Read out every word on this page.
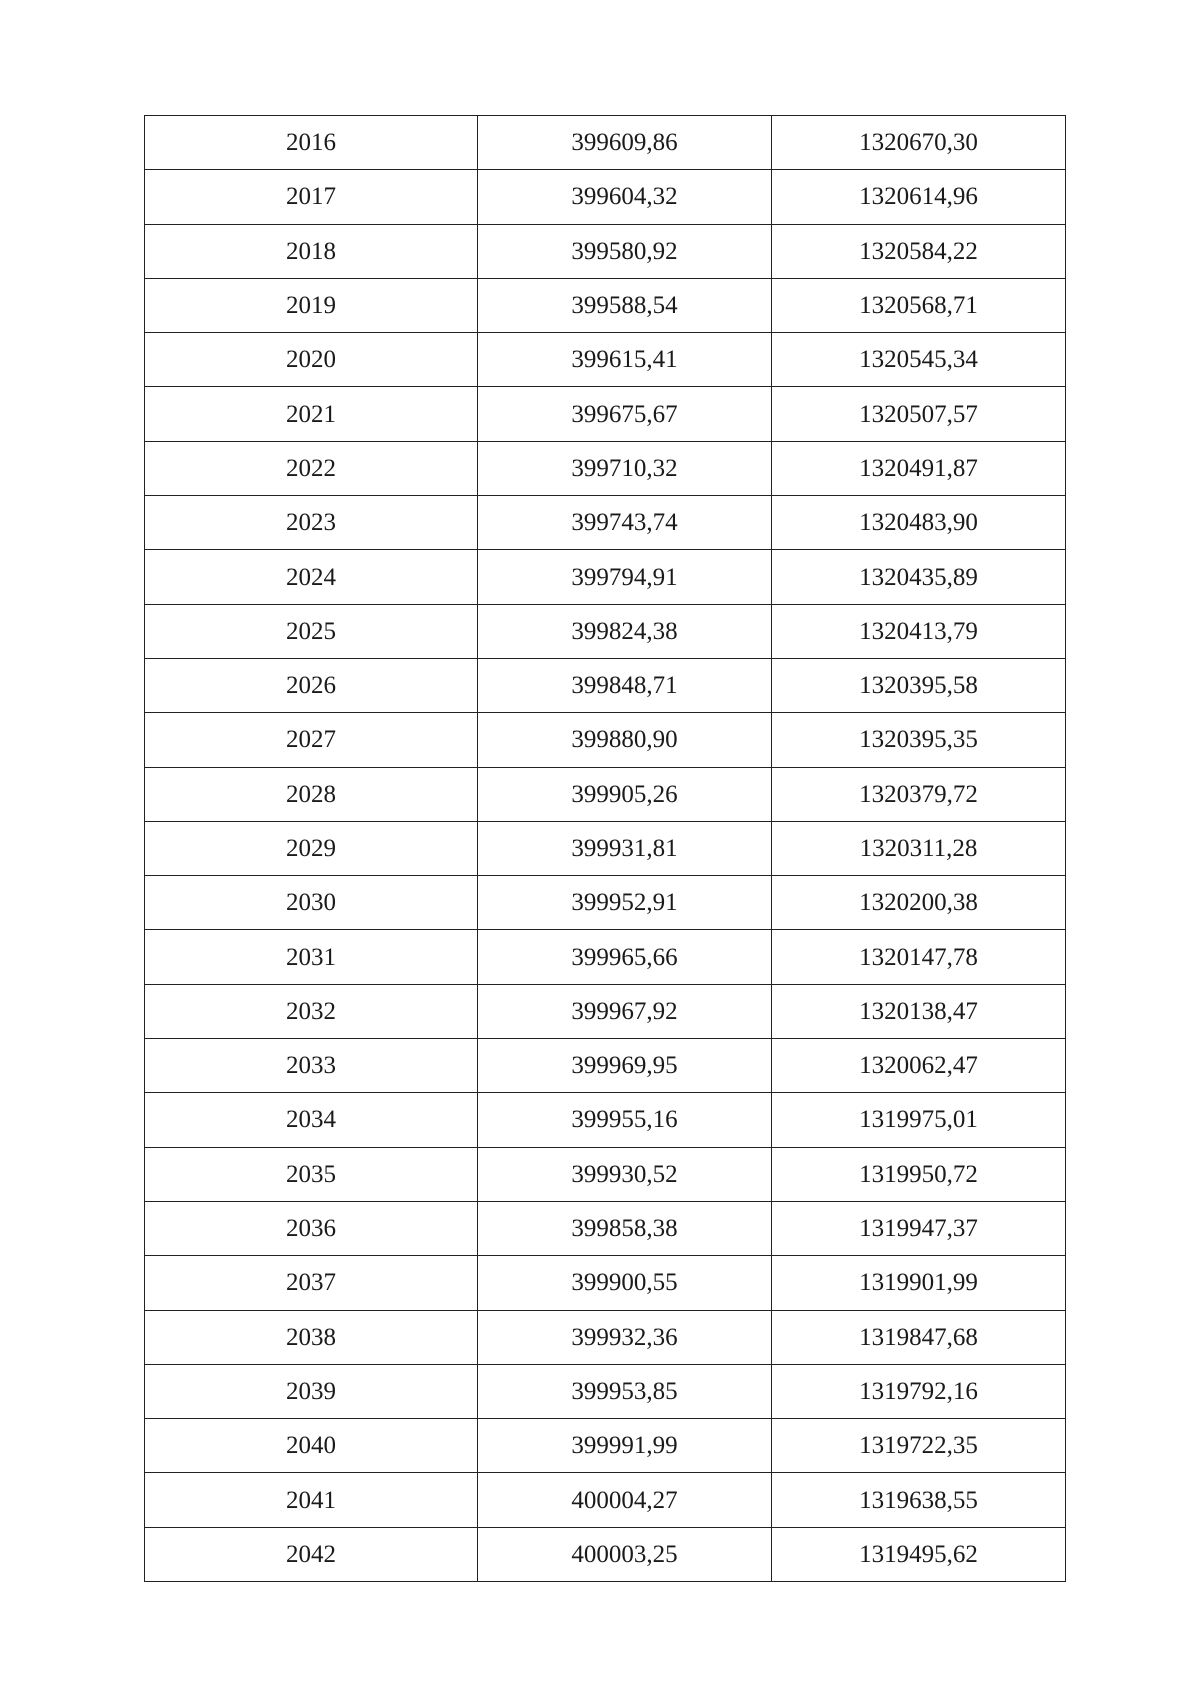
2016	399609,86	1320670,30
2017	399604,32	1320614,96
2018	399580,92	1320584,22
2019	399588,54	1320568,71
2020	399615,41	1320545,34
2021	399675,67	1320507,57
2022	399710,32	1320491,87
2023	399743,74	1320483,90
2024	399794,91	1320435,89
2025	399824,38	1320413,79
2026	399848,71	1320395,58
2027	399880,90	1320395,35
2028	399905,26	1320379,72
2029	399931,81	1320311,28
2030	399952,91	1320200,38
2031	399965,66	1320147,78
2032	399967,92	1320138,47
2033	399969,95	1320062,47
2034	399955,16	1319975,01
2035	399930,52	1319950,72
2036	399858,38	1319947,37
2037	399900,55	1319901,99
2038	399932,36	1319847,68
2039	399953,85	1319792,16
2040	399991,99	1319722,35
2041	400004,27	1319638,55
2042	400003,25	1319495,62
